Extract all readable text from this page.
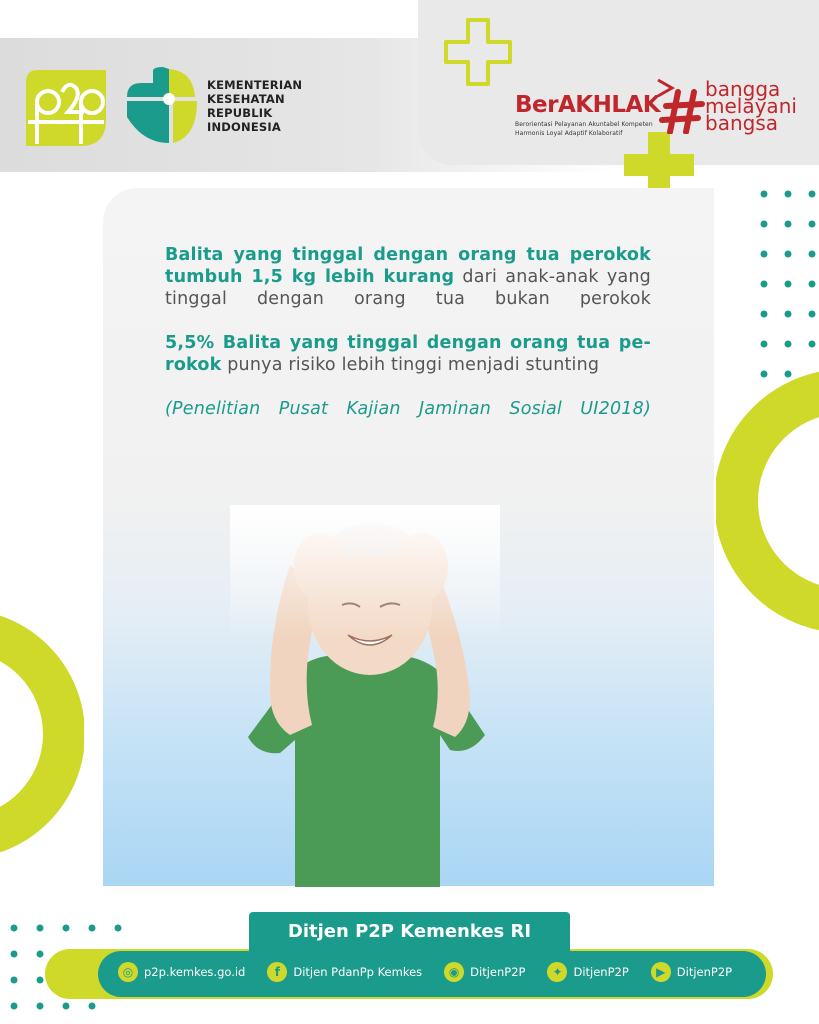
KEMENTERIAN
KESEHATAN
REPUBLIK
INDONESIA
BerAKHLAK
Berorientasi Pelayanan Akuntabel Kompeten
Harmonis Loyal Adaptif Kolaboratif
bangga
melayani
bangsa
Balita yang tinggal dengan orang tua perokok tumbuh 1,5 kg lebih kurang dari anak-anak yang tinggal dengan orang tua bukan perokok
5,5% Balita yang tinggal dengan orang tua pe-rokok punya risiko lebih tinggi menjadi stunting
(Penelitian Pusat Kajian Jaminan Sosial UI2018)
Ditjen P2P Kemenkes RI
◎ p2p.kemkes.go.id	f	Ditjen PdanPp Kemkes	◉ DitjenP2P	✦ DitjenP2P	▶ DitjenP2P
